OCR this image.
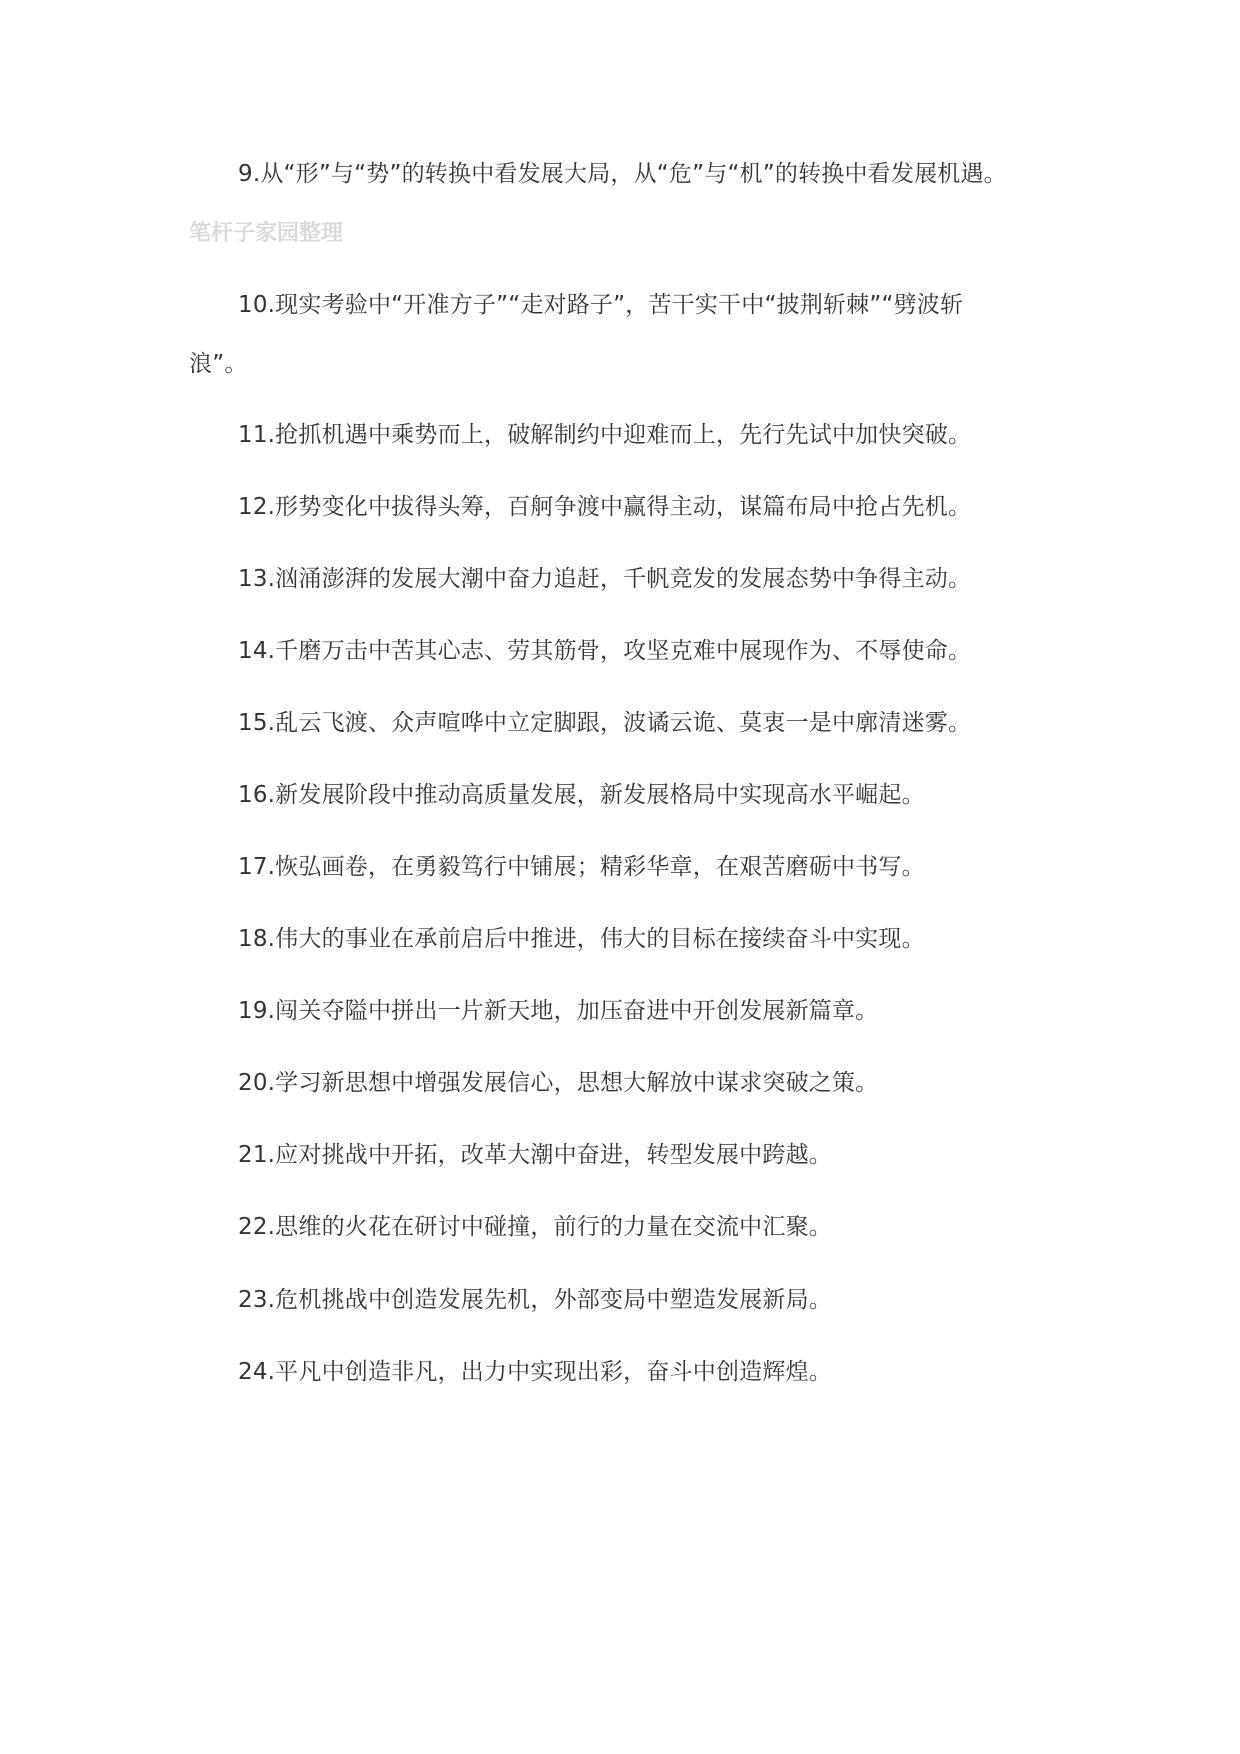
9.从“形”与“势”的转换中看发展大局，从“危”与“机”的转换中看发展机遇。
笔杆子家园整理
10.现实考验中“开准方子”“走对路子”，苦干实干中“披荆斩棘”“劈波斩
浪”。
11.抢抓机遇中乘势而上，破解制约中迎难而上，先行先试中加快突破。
12.形势变化中拔得头筹，百舸争渡中赢得主动，谋篇布局中抢占先机。
13.汹涌澎湃的发展大潮中奋力追赶，千帆竞发的发展态势中争得主动。
14.千磨万击中苦其心志、劳其筋骨，攻坚克难中展现作为、不辱使命。
15.乱云飞渡、众声喧哗中立定脚跟，波谲云诡、莫衷一是中廓清迷雾。
16.新发展阶段中推动高质量发展，新发展格局中实现高水平崛起。
17.恢弘画卷，在勇毅笃行中铺展；精彩华章，在艰苦磨砺中书写。
18.伟大的事业在承前启后中推进，伟大的目标在接续奋斗中实现。
19.闯关夺隘中拼出一片新天地，加压奋进中开创发展新篇章。
20.学习新思想中增强发展信心，思想大解放中谋求突破之策。
21.应对挑战中开拓，改革大潮中奋进，转型发展中跨越。
22.思维的火花在研讨中碰撞，前行的力量在交流中汇聚。
23.危机挑战中创造发展先机，外部变局中塑造发展新局。
24.平凡中创造非凡，出力中实现出彩，奋斗中创造辉煌。
